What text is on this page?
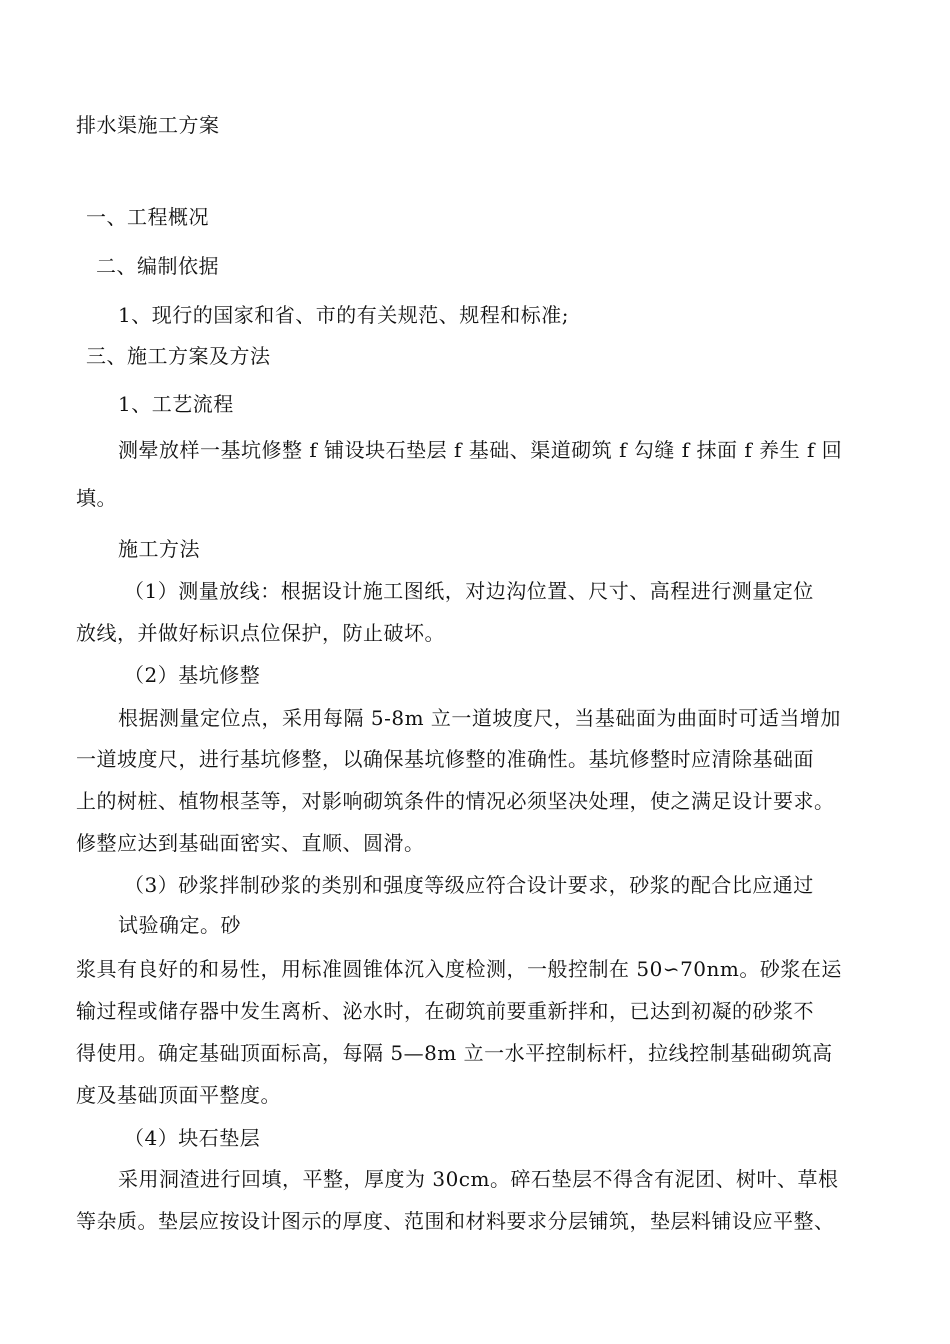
排水渠施工方案
一、工程概况
二、编制依据
1、现行的国家和省、市的有关规范、规程和标准;
三、施工方案及方法
1、工艺流程
测晕放样一基坑修整 f 铺设块石垫层 f 基础、渠道砌筑 f 勾缝 f 抹面 f 养生 f 回
填。
施工方法
（1）测量放线：根据设计施工图纸，对边沟位置、尺寸、高程进行测量定位
放线，并做好标识点位保护，防止破坏。
（2）基坑修整
根据测量定位点，采用每隔 5-8m 立一道坡度尺，当基础面为曲面时可适当增加
一道坡度尺，进行基坑修整，以确保基坑修整的准确性。基坑修整时应清除基础面
上的树桩、植物根茎等，对影响砌筑条件的情况必须坚决处理，使之满足设计要求。
修整应达到基础面密实、直顺、圆滑。
（3）砂浆拌制砂浆的类别和强度等级应符合设计要求，砂浆的配合比应通过
试验确定。砂
浆具有良好的和易性，用标准圆锥体沉入度检测，一般控制在 50∽70nm。砂浆在运
输过程或储存器中发生离析、泌水时，在砌筑前要重新拌和，已达到初凝的砂浆不
得使用。确定基础顶面标高，每隔 5—8m 立一水平控制标杆，拉线控制基础砌筑高
度及基础顶面平整度。
（4）块石垫层
采用洞渣进行回填，平整，厚度为 30cm。碎石垫层不得含有泥团、树叶、草根
等杂质。垫层应按设计图示的厚度、范围和材料要求分层铺筑，垫层料铺设应平整、
